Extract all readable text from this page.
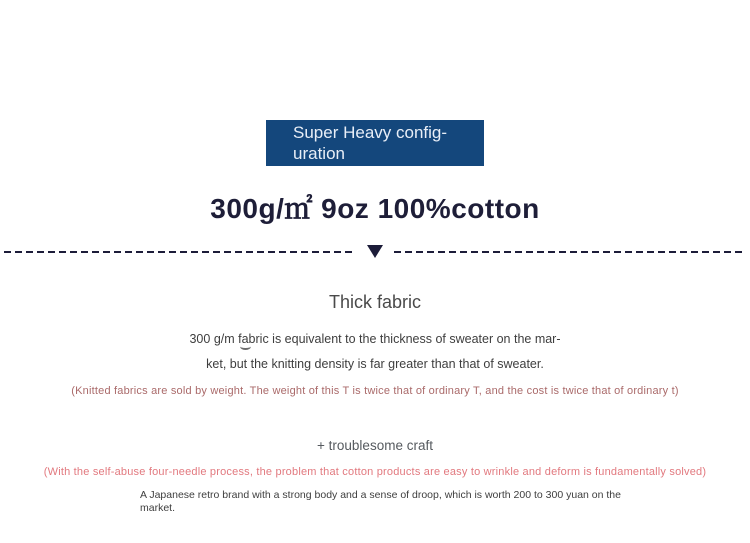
Super Heavy config-
uration
300g/㎡ 9oz 100%cotton
Thick fabric
300 g/m fabric is equivalent to the thickness of sweater on the mar-
ket, but the knitting density is far greater than that of sweater.
(Knitted fabrics are sold by weight. The weight of this T is twice that of ordinary T, and the cost is twice that of ordinary t)
+ troublesome craft
(With the self-abuse four-needle process, the problem that cotton products are easy to wrinkle and deform is fundamentally solved)
A Japanese retro brand with a strong body and a sense of droop, which is worth 200 to 300 yuan on the
market.
